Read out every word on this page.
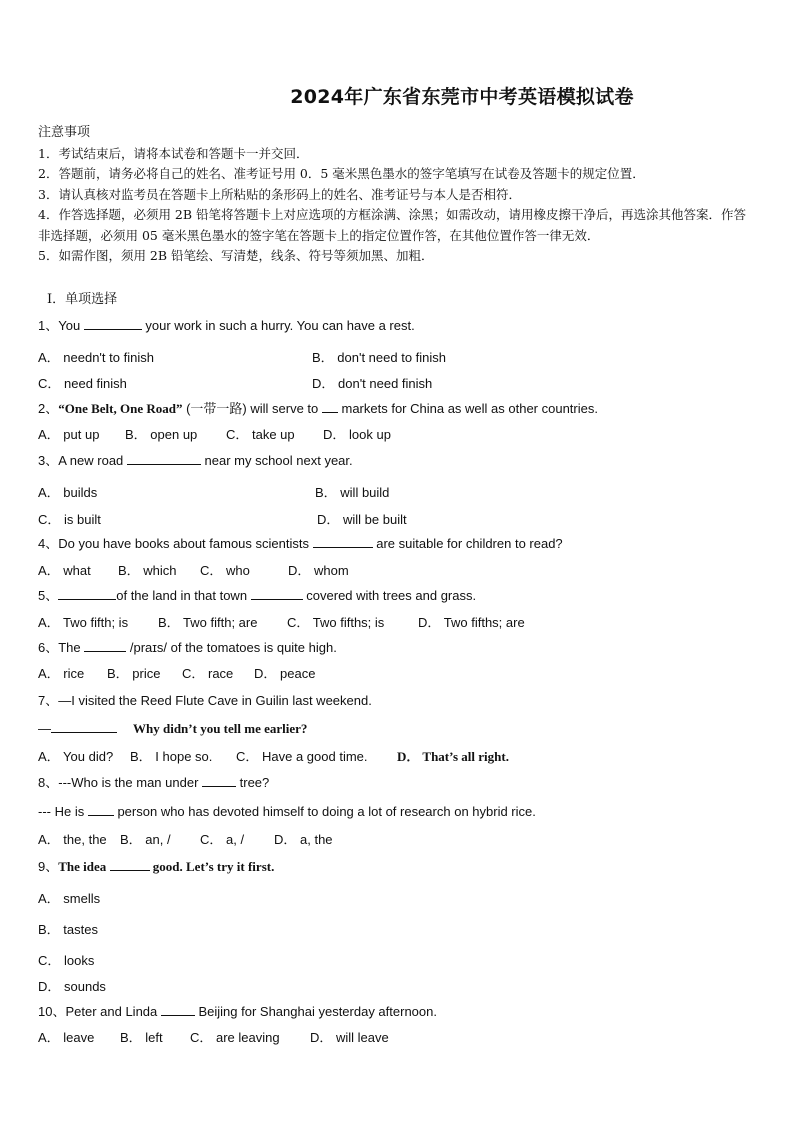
2024年广东省东莞市中考英语模拟试卷
注意事项
1．考试结束后，请将本试卷和答题卡一并交回．
2．答题前，请务必将自己的姓名、准考证号用 0．5 毫米黑色墨水的签字笔填写在试卷及答题卡的规定位置．
3．请认真核对监考员在答题卡上所粘贴的条形码上的姓名、准考证号与本人是否相符．
4．作答选择题，必须用 2B 铅笔将答题卡上对应选项的方框涂满、涂黑；如需改动，请用橡皮擦干净后，再选涂其他答案．作答非选择题，必须用 05 毫米黑色墨水的签字笔在答题卡上的指定位置作答，在其他位置作答一律无效．
5．如需作图，须用 2B 铅笔绘、写清楚，线条、符号等须加黑、加粗．
Ⅰ．单项选择
1、You	your work in such a hurry. You can have a rest.
A． needn't to finish	B． don't need to finish
C． need finish	D． don't need finish
2、“One Belt, One Road” (一带一路) will serve to  markets for China as well as other countries.
A． put up B． open up C． take up D． look up
3、A new road	near my school next year.
A． builds	B． will build
C． is built	D． will be built
4、Do you have books about famous scientists	are suitable for children to read?
A． what B． which C． who	D． whom
5、	of the land in that town	covered with trees and grass.
A． Two fifth; is B． Two fifth; are C． Two fifths; is	D． Two fifths; are
6、The	/praɪs/ of the tomatoes is quite high.
A． rice B． price C． race D． peace
7、—I visited the Reed Flute Cave in Guilin last weekend.
—	Why didn’t you tell me earlier?
A． You did? B． I hope so. C． Have a good time. D． That’s all right.
8、---Who is the man under	tree?
--- He is  person who has devoted himself to doing a lot of research on hybrid rice.
A． the, the B． an, / C． a, / D． a, the
9、The idea	good. Let’s try it first.
A． smells
B． tastes
C． looks
D． sounds
10、Peter and Linda	Beijing for Shanghai yesterday afternoon.
A． leave B． left C． are leaving D． will leave
